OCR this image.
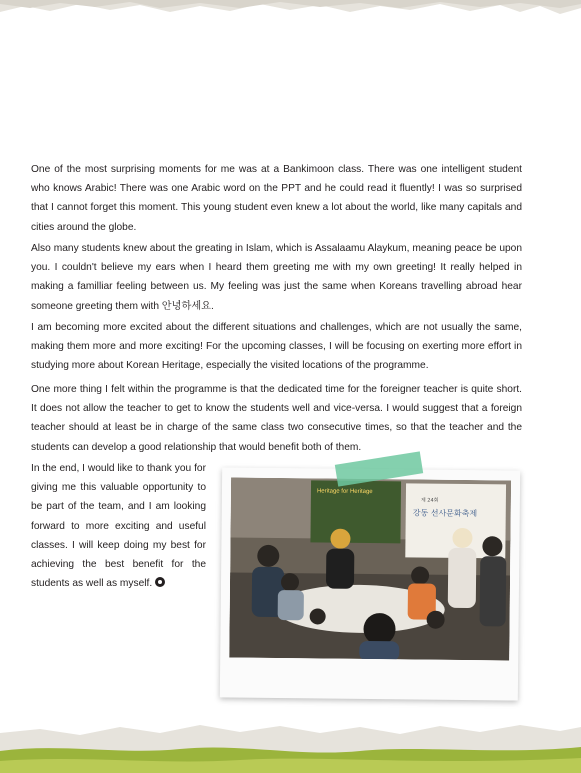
One of the most surprising moments for me was at a Bankimoon class. There was one intelligent student who knows Arabic! There was one Arabic word on the PPT and he could read it fluently! I was so surprised that I cannot forget this moment. This young student even knew a lot about the world, like many capitals and cities around the globe.

Also many students knew about the greating in Islam, which is Assalaamu Alaykum, meaning peace be upon you. I couldn't believe my ears when I heard them greeting me with my own greeting! It really helped in making a familliar feeling between us. My feeling was just the same when Koreans travelling abroad hear someone greeting them with 안녕하세요.

I am becoming more excited about the different situations and challenges, which are not usually the same, making them more and more exciting! For the upcoming classes, I will be focusing on exerting more effort in studying more about Korean Heritage, especially the visited locations of the programme.

One more thing I felt within the programme is that the dedicated time for the foreigner teacher is quite short. It does not allow the teacher to get to know the students well and vice-versa. I would suggest that a foreign teacher should at least be in charge of the same class two consecutive times, so that the teacher and the students can develop a good relationship that would benefit both of them.

In the end, I would like to thank you for giving me this valuable opportunity to be part of the team, and I am looking forward to more exciting and useful classes. I will keep doing my best for achieving the best benefit for the students as well as myself.

Heritage for Heritage
제 24회
강동 선사문화축제
